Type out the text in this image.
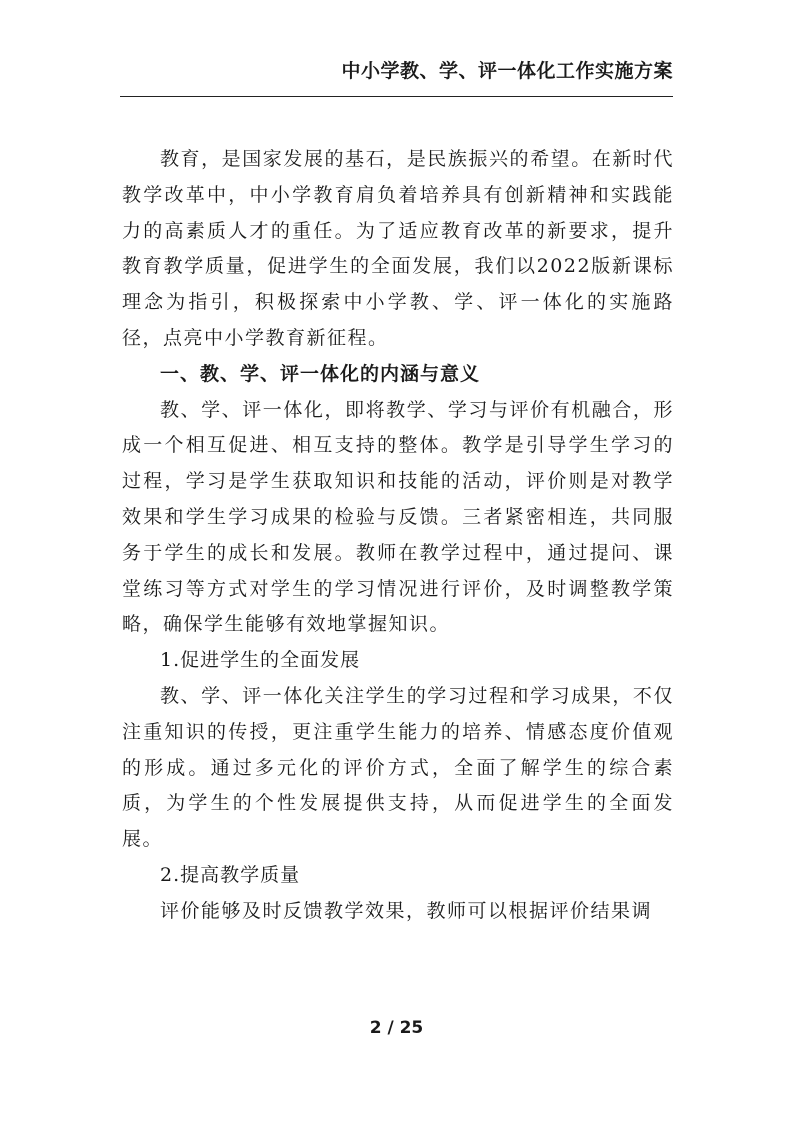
中小学教、学、评一体化工作实施方案

教育，是国家发展的基石，是民族振兴的希望。在新时代教学改革中，中小学教育肩负着培养具有创新精神和实践能力的高素质人才的重任。为了适应教育改革的新要求，提升教育教学质量，促进学生的全面发展，我们以2022版新课标理念为指引，积极探索中小学教、学、评一体化的实施路径，点亮中小学教育新征程。

一、教、学、评一体化的内涵与意义

教、学、评一体化，即将教学、学习与评价有机融合，形成一个相互促进、相互支持的整体。教学是引导学生学习的过程，学习是学生获取知识和技能的活动，评价则是对教学效果和学生学习成果的检验与反馈。三者紧密相连，共同服务于学生的成长和发展。教师在教学过程中，通过提问、课堂练习等方式对学生的学习情况进行评价，及时调整教学策略，确保学生能够有效地掌握知识。

1.促进学生的全面发展

教、学、评一体化关注学生的学习过程和学习成果，不仅注重知识的传授，更注重学生能力的培养、情感态度价值观的形成。通过多元化的评价方式，全面了解学生的综合素质，为学生的个性发展提供支持，从而促进学生的全面发展。

2.提高教学质量

评价能够及时反馈教学效果，教师可以根据评价结果调

2 / 25
